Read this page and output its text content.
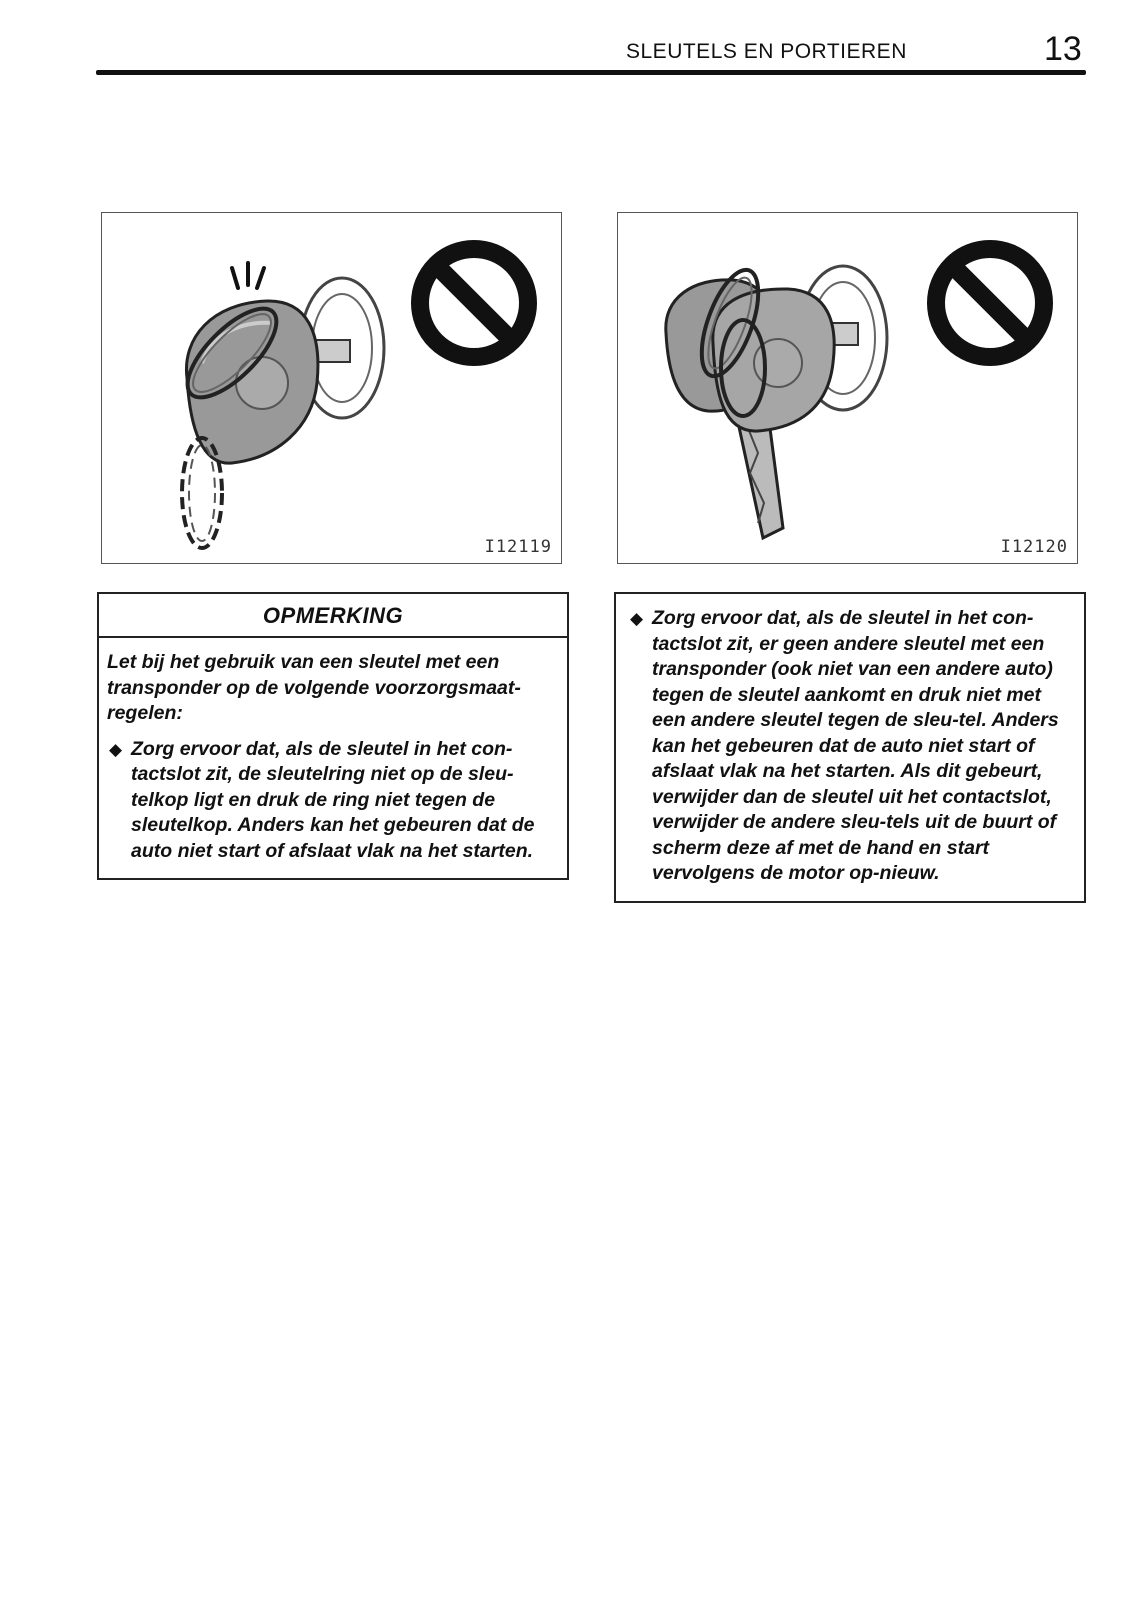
SLEUTELS EN PORTIEREN	13
I12119	I12120
OPMERKING

Let bij het gebruik van een sleutel met een transponder op de volgende voorzorgsmaat-regelen:

◆ Zorg ervoor dat, als de sleutel in het con-tactslot zit, de sleutelring niet op de sleu-telkop ligt en druk de ring niet tegen de sleutelkop. Anders kan het gebeuren dat de auto niet start of afslaat vlak na het starten.
◆ Zorg ervoor dat, als de sleutel in het con-tactslot zit, er geen andere sleutel met een transponder (ook niet van een andere auto) tegen de sleutel aankomt en druk niet met een andere sleutel tegen de sleu-tel. Anders kan het gebeuren dat de auto niet start of afslaat vlak na het starten. Als dit gebeurt, verwijder dan de sleutel uit het contactslot, verwijder de andere sleu-tels uit de buurt of scherm deze af met de hand en start vervolgens de motor op-nieuw.
